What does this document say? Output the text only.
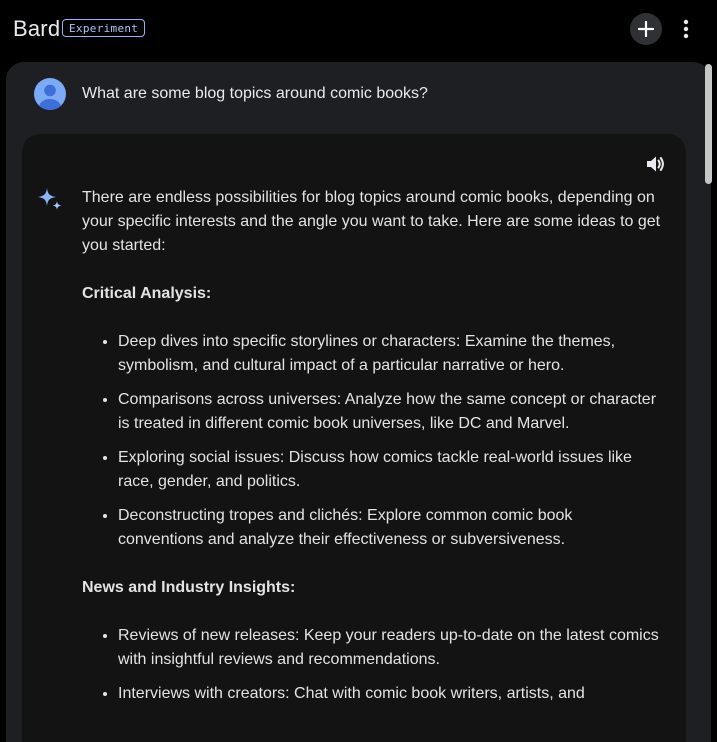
Bard Experiment
What are some blog topics around comic books?

There are endless possibilities for blog topics around comic books, depending on your specific interests and the angle you want to take. Here are some ideas to get you started:

Critical Analysis:
• Deep dives into specific storylines or characters: Examine the themes, symbolism, and cultural impact of a particular narrative or hero.
• Comparisons across universes: Analyze how the same concept or character is treated in different comic book universes, like DC and Marvel.
• Exploring social issues: Discuss how comics tackle real-world issues like race, gender, and politics.
• Deconstructing tropes and clichés: Explore common comic book conventions and analyze their effectiveness or subversiveness.
News and Industry Insights:
• Reviews of new releases: Keep your readers up-to-date on the latest comics with insightful reviews and recommendations.
• Interviews with creators: Chat with comic book writers, artists, and
